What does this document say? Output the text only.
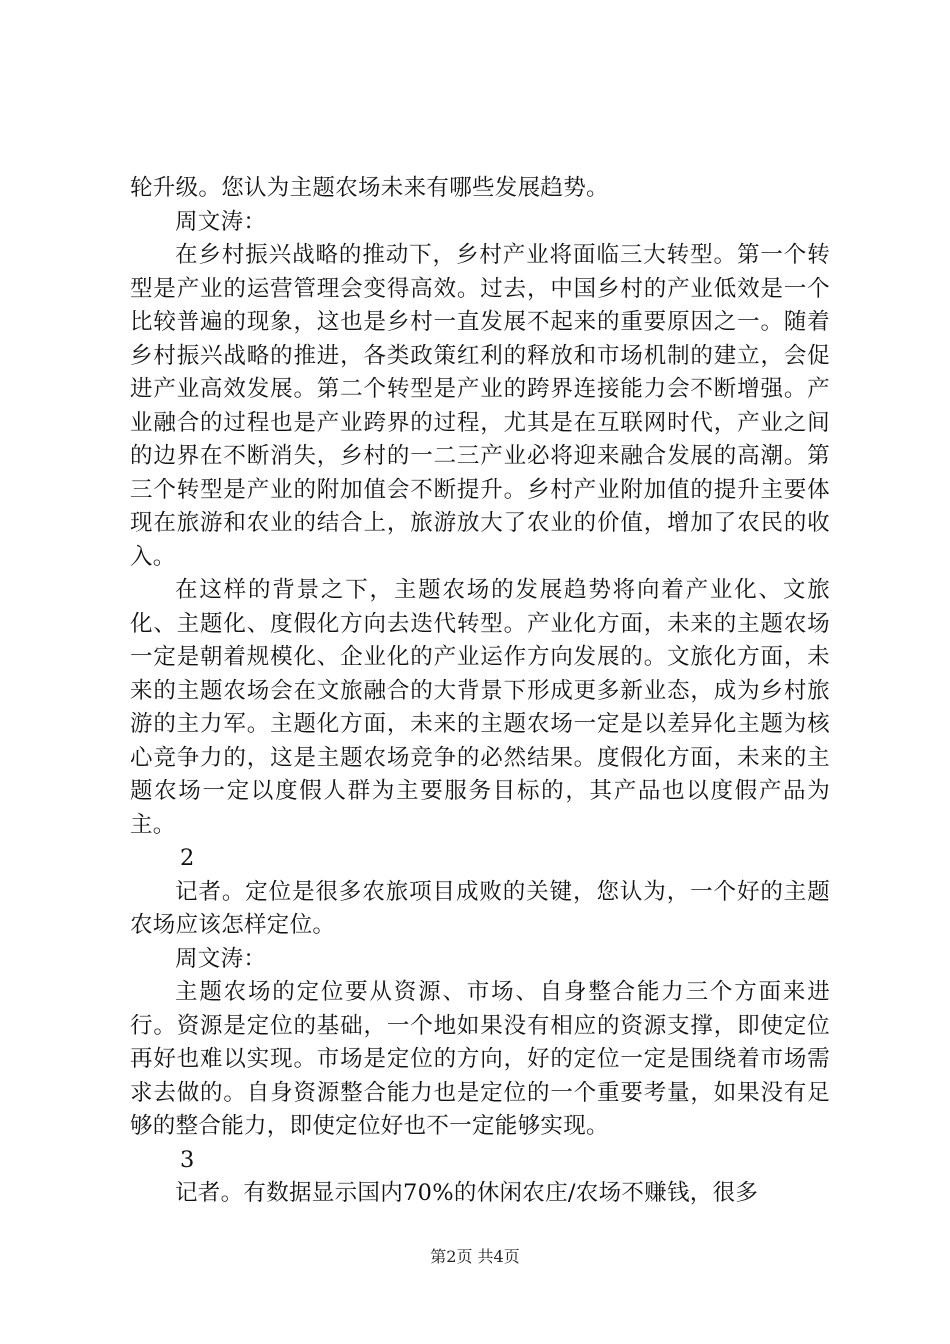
轮升级。您认为主题农场未来有哪些发展趋势。

周文涛：

在乡村振兴战略的推动下，乡村产业将面临三大转型。第一个转型是产业的运营管理会变得高效。过去，中国乡村的产业低效是一个比较普遍的现象，这也是乡村一直发展不起来的重要原因之一。随着乡村振兴战略的推进，各类政策红利的释放和市场机制的建立，会促进产业高效发展。第二个转型是产业的跨界连接能力会不断增强。产业融合的过程也是产业跨界的过程，尤其是在互联网时代，产业之间的边界在不断消失，乡村的一二三产业必将迎来融合发展的高潮。第三个转型是产业的附加值会不断提升。乡村产业附加值的提升主要体现在旅游和农业的结合上，旅游放大了农业的价值，增加了农民的收入。

在这样的背景之下，主题农场的发展趋势将向着产业化、文旅化、主题化、度假化方向去迭代转型。产业化方面，未来的主题农场一定是朝着规模化、企业化的产业运作方向发展的。文旅化方面，未来的主题农场会在文旅融合的大背景下形成更多新业态，成为乡村旅游的主力军。主题化方面，未来的主题农场一定是以差异化主题为核心竞争力的，这是主题农场竞争的必然结果。度假化方面，未来的主题农场一定以度假人群为主要服务目标的，其产品也以度假产品为主。

2

记者。定位是很多农旅项目成败的关键，您认为，一个好的主题农场应该怎样定位。

周文涛：

主题农场的定位要从资源、市场、自身整合能力三个方面来进行。资源是定位的基础，一个地如果没有相应的资源支撑，即使定位再好也难以实现。市场是定位的方向，好的定位一定是围绕着市场需求去做的。自身资源整合能力也是定位的一个重要考量，如果没有足够的整合能力，即使定位好也不一定能够实现。

3

记者。有数据显示国内70%的休闲农庄/农场不赚钱，很多

第2页 共4页
